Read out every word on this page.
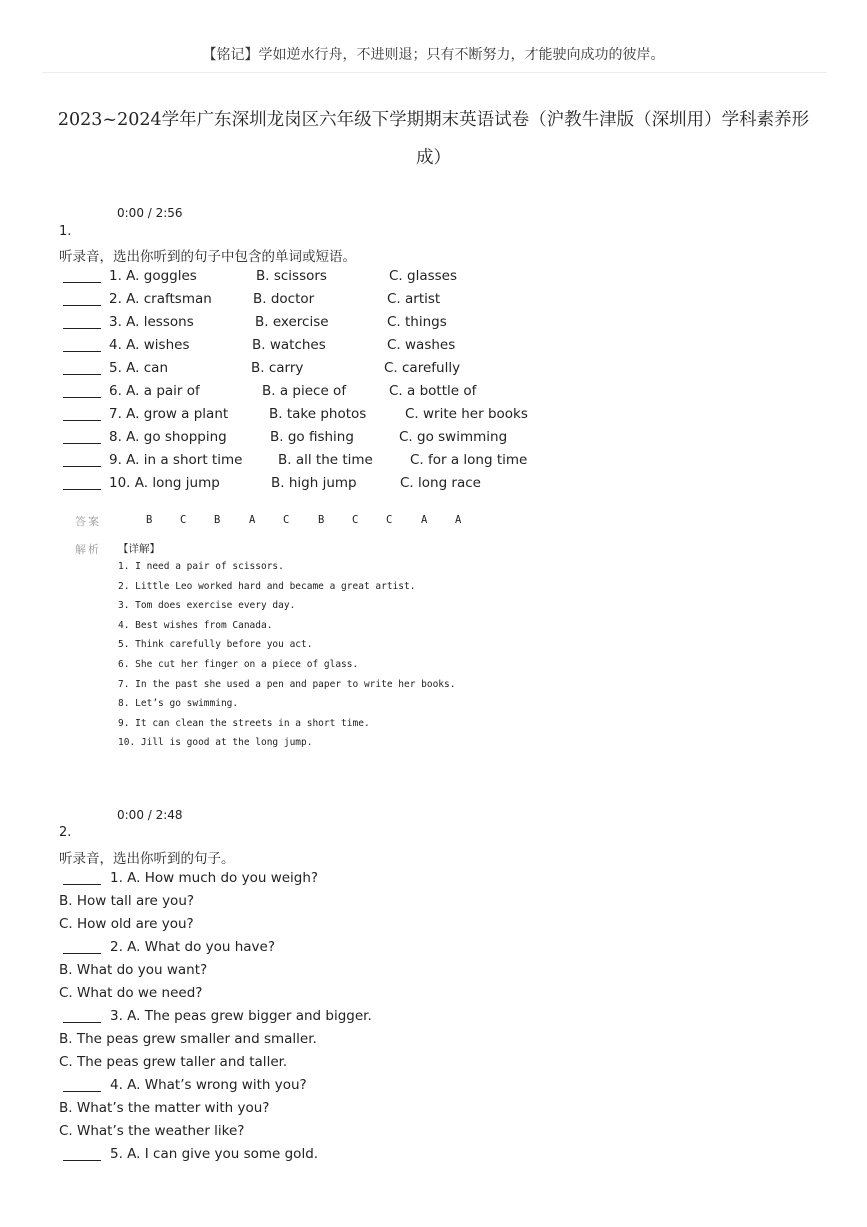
【铭记】学如逆水行舟，不进则退；只有不断努力，才能驶向成功的彼岸。
2023~2024学年广东深圳龙岗区六年级下学期期末英语试卷（沪教牛津版（深圳用）学科素养形
成）
0:00 / 2:56
1.
听录音，选出你听到的句子中包含的单词或短语。
1. A. goggles	B. scissors	C. glasses
2. A. craftsman	B. doctor	C. artist
3. A. lessons	B. exercise	C. things
4. A. wishes	B. watches	C. washes
5. A. can	B. carry	C. carefully
6. A. a pair of	B. a piece of	C. a bottle of
7. A. grow a plant	B. take photos	C. write her books
8. A. go shopping	B. go fishing	C. go swimming
9. A. in a short time	B. all the time	C. for a long time
10. A. long jump	B. high jump	C. long race
答案	B	C	B	A	C	B	C	C	A	A
解析 【详解】
1. I need a pair of scissors.
2. Little Leo worked hard and became a great artist.
3. Tom does exercise every day.
4. Best wishes from Canada.
5. Think carefully before you act.
6. She cut her finger on a piece of glass.
7. In the past she used a pen and paper to write her books.
8. Let’s go swimming.
9. It can clean the streets in a short time.
10. Jill is good at the long jump.
0:00 / 2:48
2.
听录音，选出你听到的句子。
1. A. How much do you weigh?
B. How tall are you?
C. How old are you?
2. A. What do you have?
B. What do you want?
C. What do we need?
3. A. The peas grew bigger and bigger.
B. The peas grew smaller and smaller.
C. The peas grew taller and taller.
4. A. What’s wrong with you?
B. What’s the matter with you?
C. What’s the weather like?
5. A. I can give you some gold.
